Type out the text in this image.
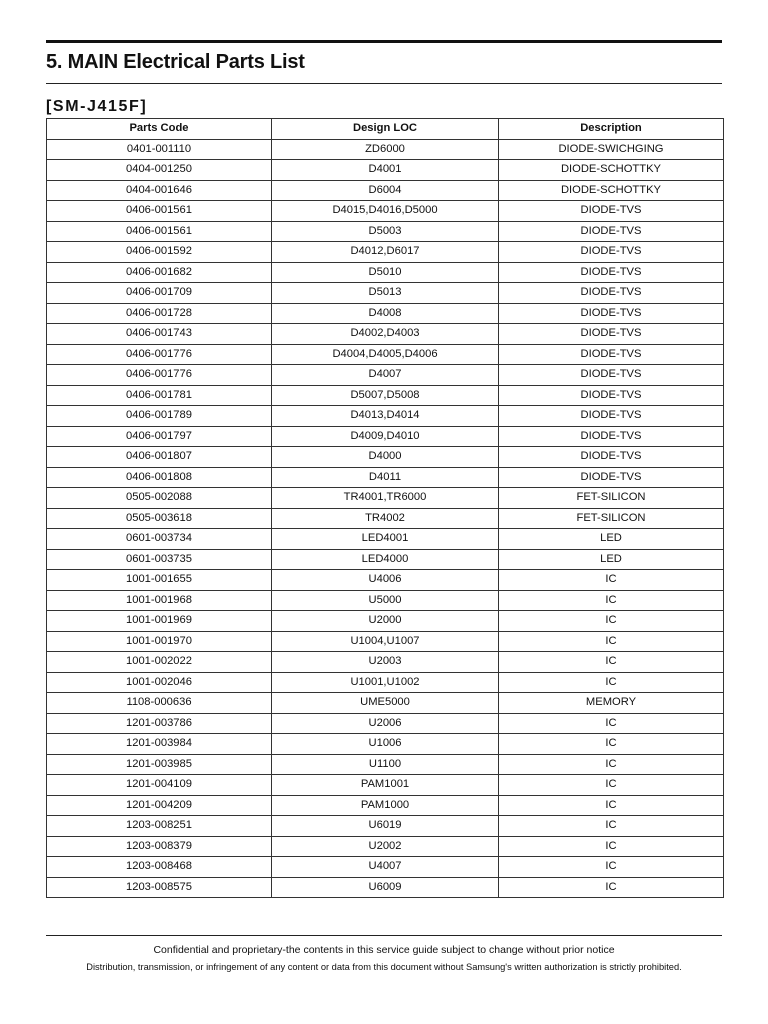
5. MAIN Electrical Parts List
[SM-J415F]
Parts Code	Design LOC	Description
0401-001110	ZD6000	DIODE-SWICHGING
0404-001250	D4001	DIODE-SCHOTTKY
0404-001646	D6004	DIODE-SCHOTTKY
0406-001561	D4015,D4016,D5000	DIODE-TVS
0406-001561	D5003	DIODE-TVS
0406-001592	D4012,D6017	DIODE-TVS
0406-001682	D5010	DIODE-TVS
0406-001709	D5013	DIODE-TVS
0406-001728	D4008	DIODE-TVS
0406-001743	D4002,D4003	DIODE-TVS
0406-001776	D4004,D4005,D4006	DIODE-TVS
0406-001776	D4007	DIODE-TVS
0406-001781	D5007,D5008	DIODE-TVS
0406-001789	D4013,D4014	DIODE-TVS
0406-001797	D4009,D4010	DIODE-TVS
0406-001807	D4000	DIODE-TVS
0406-001808	D4011	DIODE-TVS
0505-002088	TR4001,TR6000	FET-SILICON
0505-003618	TR4002	FET-SILICON
0601-003734	LED4001	LED
0601-003735	LED4000	LED
1001-001655	U4006	IC
1001-001968	U5000	IC
1001-001969	U2000	IC
1001-001970	U1004,U1007	IC
1001-002022	U2003	IC
1001-002046	U1001,U1002	IC
1108-000636	UME5000	MEMORY
1201-003786	U2006	IC
1201-003984	U1006	IC
1201-003985	U1100	IC
1201-004109	PAM1001	IC
1201-004209	PAM1000	IC
1203-008251	U6019	IC
1203-008379	U2002	IC
1203-008468	U4007	IC
1203-008575	U6009	IC
Confidential and proprietary-the contents in this service guide subject to change without prior notice
Distribution, transmission, or infringement of any content or data from this document without Samsung's written authorization is strictly prohibited.
